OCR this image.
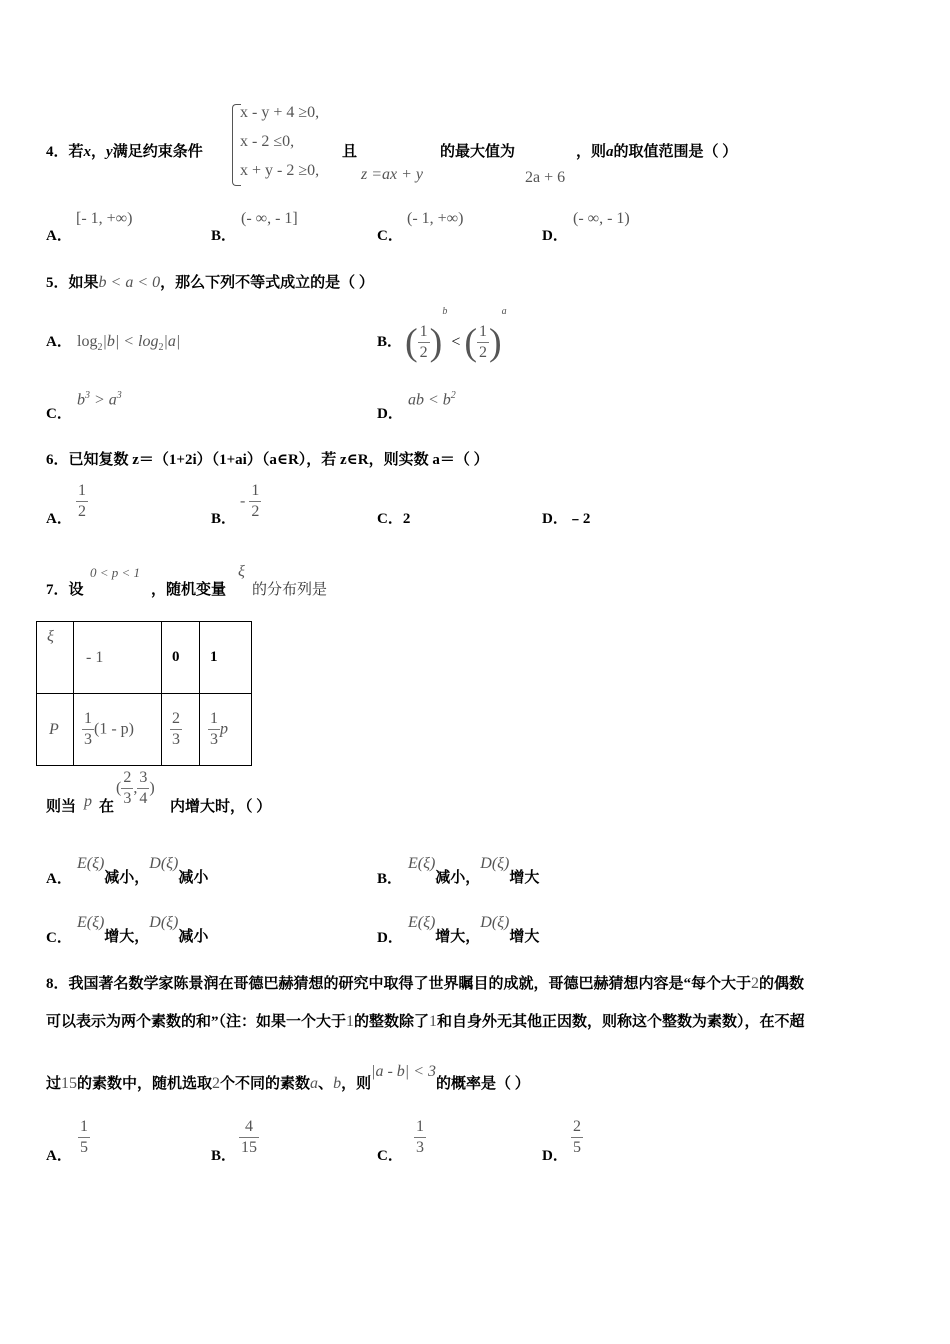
4．若x，y满足约束条件
x - y + 4 ≥0,
x - 2 ≤0,
x + y - 2 ≥0,
且
z =ax + y
的最大值为
2a + 6
，则a的取值范围是（ ）
A．
[- 1, +∞)
B．
(- ∞, - 1]
C．
(- 1, +∞)
D．
(- ∞, - 1)
5．如果b < a < 0，那么下列不等式成立的是（ ）
A． $\log_2|b| < \log_2|a|$	B． ( $\frac{1}{2} )^b$ < ( $\frac{1}{2} )^a$
C．
$b^3 > a^3$
D．
ab < $b^2$
6．已知复数 z＝（1+2i）（1+ai）（a∈R），若 z∈R，则实数 a＝（ ）
A． $\frac{1}{2}$	B．
- $\frac{1}{2}$	C．2	D．﹣2
7．设
0 < p < 1
，随机变量
ξ
的分布列是
ξ	- 1	0	1
P	$\frac{1}{3} (1 - p)$	$\frac{2}{3}$	$\frac{1}{3}$ p
则当 p 在
( $\frac{2}{3}$ , $\frac{3}{4}$ )
内增大时，（ ）
A．
E(ξ)减小，D(ξ)减小	B．
E(ξ)减小，D(ξ)增大
C．
E(ξ)增大，D(ξ)减小	D．
E(ξ)增大，D(ξ)增大
8．我国著名数学家陈景润在哥德巴赫猜想的研究中取得了世界瞩目的成就，哥德巴赫猜想内容是“每个大于2的偶数
可以表示为两个素数的和”（注：如果一个大于1的整数除了1和自身外无其他正因数，则称这个整数为素数），在不超
过15的素数中，随机选取2个不同的素数a、b，则|a - b| < 3的概率是（ ）
A． $\frac{1}{5}$	B． $\frac{4}{15}$	C． $\frac{1}{3}$	D． $\frac{2}{5}$
